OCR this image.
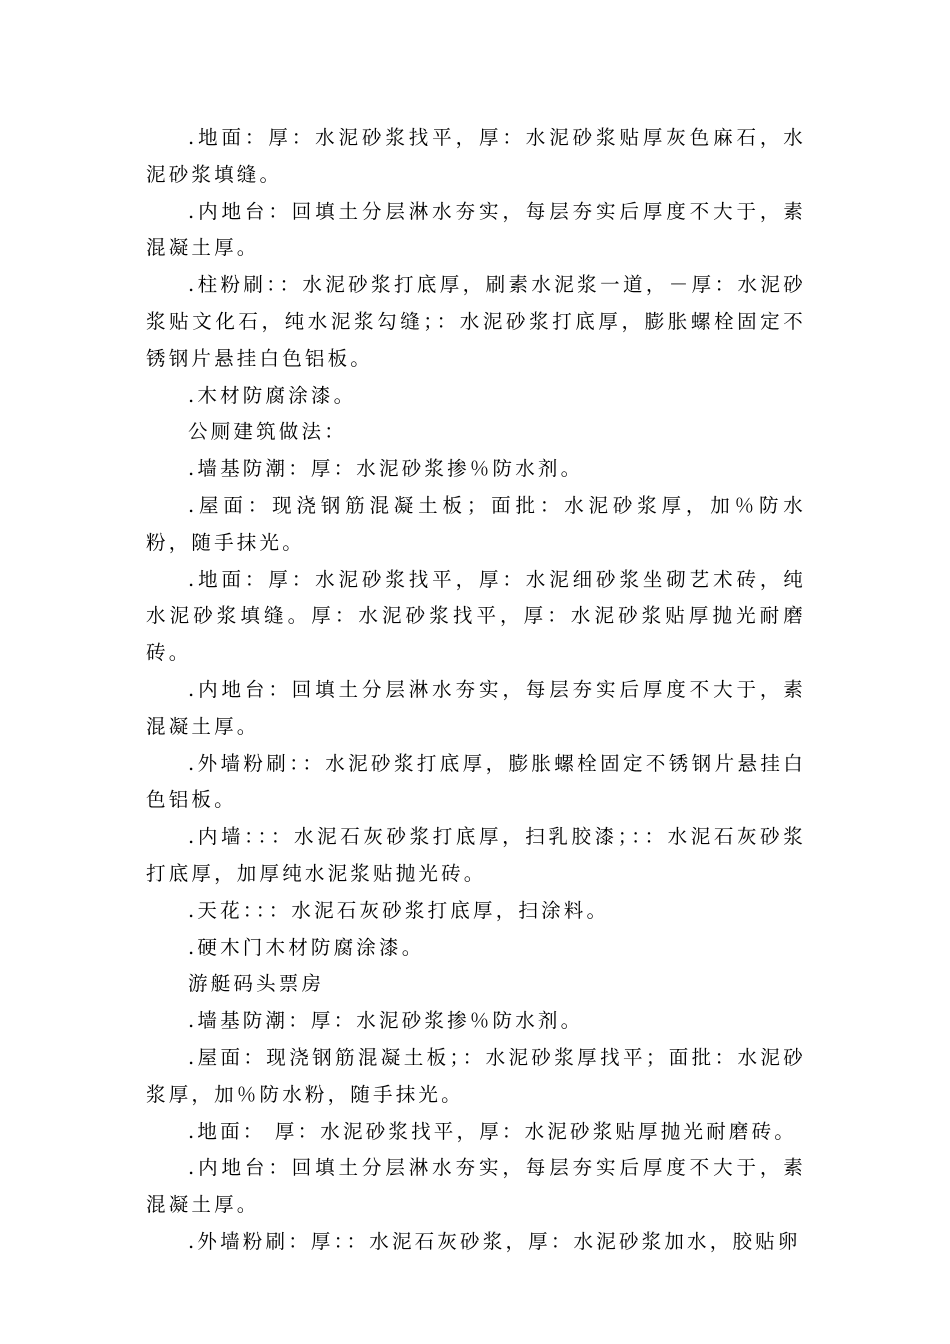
.地面：厚：水泥砂浆找平，厚：水泥砂浆贴厚灰色麻石，水泥砂浆填缝。

.内地台：回填土分层淋水夯实，每层夯实后厚度不大于，素混凝土厚。

.柱粉刷：：水泥砂浆打底厚，刷素水泥浆一道，－厚：水泥砂浆贴文化石，纯水泥浆勾缝；：水泥砂浆打底厚，膨胀螺栓固定不锈钢片悬挂白色铝板。

.木材防腐涂漆。

公厕建筑做法：

.墙基防潮：厚：水泥砂浆掺％防水剂。

.屋面：现浇钢筋混凝土板；面批：水泥砂浆厚，加％防水粉，随手抹光。

.地面：厚：水泥砂浆找平，厚：水泥细砂浆坐砌艺术砖，纯水泥砂浆填缝。厚：水泥砂浆找平，厚：水泥砂浆贴厚抛光耐磨砖。

.内地台：回填土分层淋水夯实，每层夯实后厚度不大于，素混凝土厚。

.外墙粉刷：：水泥砂浆打底厚，膨胀螺栓固定不锈钢片悬挂白色铝板。

.内墙：：：水泥石灰砂浆打底厚，扫乳胶漆；：：水泥石灰砂浆打底厚，加厚纯水泥浆贴抛光砖。

.天花：：：水泥石灰砂浆打底厚，扫涂料。

.硬木门木材防腐涂漆。

游艇码头票房

.墙基防潮：厚：水泥砂浆掺％防水剂。

.屋面：现浇钢筋混凝土板；：水泥砂浆厚找平；面批：水泥砂浆厚，加％防水粉，随手抹光。

.地面： 厚：水泥砂浆找平，厚：水泥砂浆贴厚抛光耐磨砖。

.内地台：回填土分层淋水夯实，每层夯实后厚度不大于，素混凝土厚。

.外墙粉刷：厚：：水泥石灰砂浆，厚：水泥砂浆加水，胶贴卵
